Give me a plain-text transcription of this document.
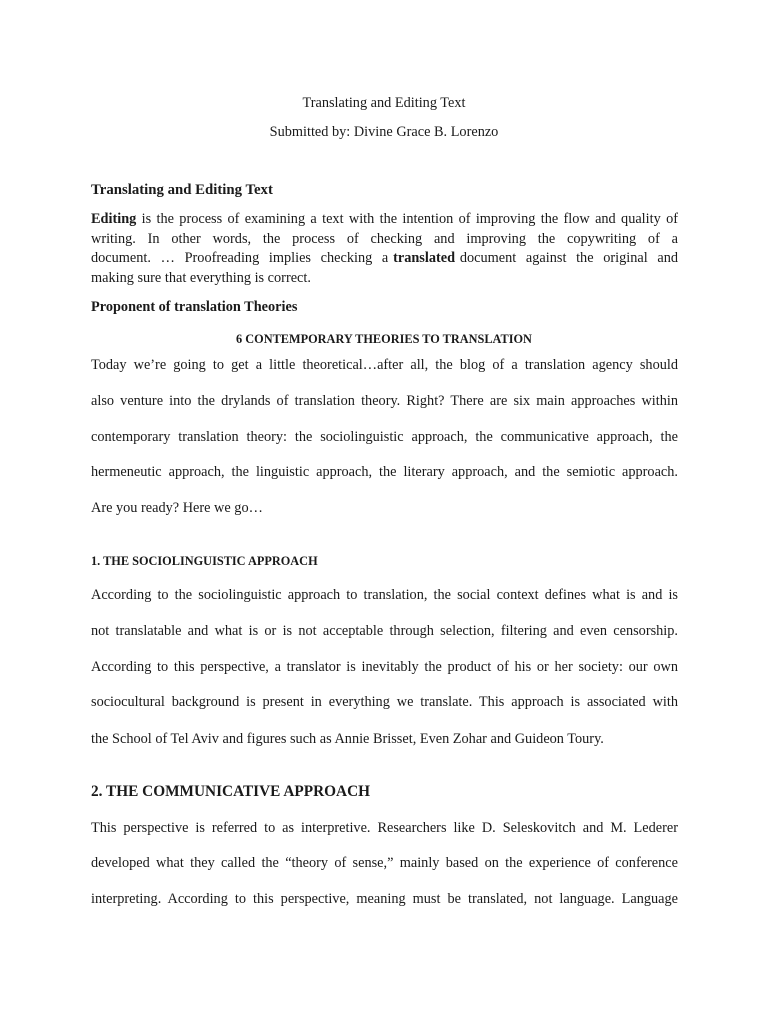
Translating and Editing Text
Submitted by: Divine Grace B. Lorenzo
Translating and Editing Text
Editing is the process of examining a text with the intention of improving the flow and quality of
writing.  In  other  words,  the  process  of  checking  and  improving  the  copywriting  of  a
document.  …  Proofreading  implies  checking  a translated document  against  the  original  and
making sure that everything is correct.
Proponent of translation Theories
6 CONTEMPORARY THEORIES TO TRANSLATION
Today we’re going to get a little theoretical…after all, the blog of a translation agency should
also venture into the drylands of translation theory. Right? There are six main approaches within
contemporary translation theory: the sociolinguistic approach, the communicative approach, the
hermeneutic approach, the linguistic approach, the literary approach, and the semiotic approach.
Are you ready? Here we go…
1. THE SOCIOLINGUISTIC APPROACH
According to the sociolinguistic approach to translation, the social context defines what is and is
not translatable and what is or is not acceptable through selection, filtering and even censorship.
According to this perspective, a translator is inevitably the product of his or her society: our own
sociocultural background is present in everything we translate. This approach is associated with
the School of Tel Aviv and figures such as Annie Brisset, Even Zohar and Guideon Toury.
2. THE COMMUNICATIVE APPROACH
This perspective is referred to as interpretive. Researchers like D. Seleskovitch and M. Lederer
developed what they called the “theory of sense,” mainly based on the experience of conference
interpreting. According to this perspective, meaning must be translated, not language. Language
